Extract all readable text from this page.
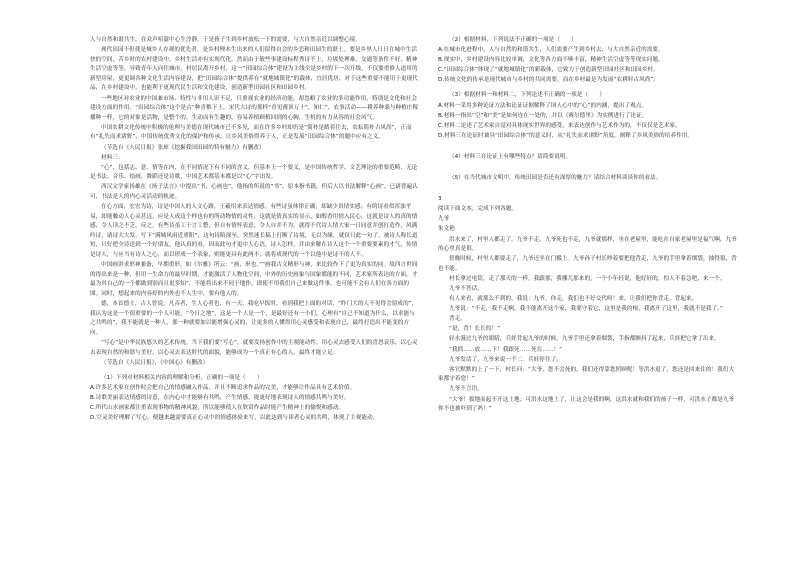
人与自然和谐共生，在众声喧嚣中心生淳静。于是孩子生到乡村放松一下的需要，与大自然亲近以调整心境。

现代田园不但使是城乡人存观的优先者，是乡村理本生出来的人们留得自会的乡恋和田园生的联土。要是乡里人日日在城中生活快的空间，苦乡时的农村建设中，乡村生活亦有实现代化。然而由于敏些事建设标程秀诗不上，垃圾处理难，交通等条件不好，精神生活空虚等等，导致青年人向往城市，村居民离开乡村，这一“田园综合体”建设为主线全是乡村的下一次升级，不仅要重修人道用的新型房屋，更更调各种文化生活内容建设，把“田园综合体”提供养在“就地城镇化”的载体，宜居优居、对于这些重要不能用于更现代品，在乡村建设中，也能利于更现代民生活和文化建设，创造新型田园社区和田园乡村。

一些地区对农业的中国兼市场、特性与非用人识不足，只重视农业的经济功能，却忽略了农业的多功能作用，特别是文化和社会建设方面的作用。“田园综合体”这个是古“种青稚下土，宋代大诗的那样“青见薄顶万十”，知仁”。农事活动——耕养种桑与种植庄稼播种一样，它的对象是活物，是整个的，生动而有生趣的，容易养植顾植回到的心胸，生机的有力从容的社会风气。

中国农耕文化传统中积极的伦理与美德在现代城市已不多见，而在许多乡村却仍是“简朴是踏着往去，农耘简朴古风尚”，正而有“礼失而求诸野”，中国传统优秀文化的保护和传承，让乡风美俗得养于人，正是发展“田园综合体”的题中应有之义。

（节选自《人民日报》张琼《挖掘我国田园的特有魅力》有删改）

材料三：

“心”，包括志、意、情等在内，在不同情况下有不同的含义，但基本上一个要义，是中国传统哲学、文艺理论的重要范畴，无论是书法、音乐、绘画、舞蹈还是诗歌，中国艺术都基本都是以“心”字出发。

西汉文学家扬雄在《扬子法言》中提出“书，心画也”，他指的所说的“书”，原本指书籍，但后人以书法解释“心画”，已诸普遍认可，书法是人的内心灵活动的轨迹。

在心方面，宏宏为诗，诗是中国人的人文心路，王羲用来表达情感。有些诗虽体律正确，却缺少真情实感；有的诗看似浑浊平易，却能触动人心灵甚远，应是人成这个样也有的所动物情的灵性，这就是情真实的显示，如醇香用情入民心，这就是诗人的真的情感，令人读之不乏，反之，有些诗虽工于言工整，但自有情怀表意，令人自并不为，就得不代诗人情大家一日同意并创打造作，风满吟诗，诸诗大大发，写下“满城风雨近重阳”，这句诗陷深至，突然迷长稿上打断了诗境，无以为缘，就仅只此一句了，被诗人称长道短，只好把全诗送到一个好朋友，他认真的看，因而此句才更中人心语，诗人怎样，并由来解在诗人这个一个重要要素的才气，传情是诗人，与应当有诗人之心，而以形成一个表象，则能更具有此两不，就将成现代的一个以他中是诗不的人不。

中国画讲求形神兼备，早期重形，如《尔雅》所云：“画，形也。”“画我古文精形与神，来比较作下了更为真实的同。故四言世间的得出来是一种，但用一生命力的最早时期，才能激活了人物化空间，中外的历史画象与国象都能的不同，艺术家所表达的方面，才最为其自己的一个都做到别而且更多知”，不能将出来不同于地作，即使不用我们自己来做这件事，也可能不会有人们在各方面的图。同时，想起来的内容好的内外也不人生中，要有他人的。

德，本首德士，古人曾说，凡音者，生人心者也，有一天，我吃早饭时，看到我把上面的对话，“昨门大的人不见得会留成的”，我认为这是一个很重要的一个人可能，“今日之地”，这是一个人是一个，是最好还有一小们，心理有“自己不知道为什么，以求能与之共鸣的”，我不能就是一种人，那一种就要加以能增强心灵的，让更多的人懂得用心灵感受和表现自己，最终打造出不能变的方向。

“写心”是中华民族悠久的艺术传统，当下我们要“写心”，就要发扬创作中的主观能动性，用心灵去感受人们的喜怒哀乐，以心灵去表现自然的和谐与美好，以心灵去表达时代的面貌，能够成为一个真正有心的人，最终才能立足。

（节选自《人民日报》，《中国心》有删改）

（1）下列对材料相关内容的理解和分析，正确的一项是（　　）

A.许多艺术家在创作时会把自己的情感融入作品，并且不断追求作品的完美，才能够让作品具有艺术价值。

B.诗歌美丽表达情感的诗意，在内心中才能够有共鸣，产生情感，能更好地表现诗人的情感共鸣与美好。

C.所代山水画家都注重表现事物的精神风貌，所以能够使人在欣赏作品时能产生精神上的愉悦和感动。

D.空灵美好理解了写心，便越来越需要真正心灵中的情感体验来写，以此达到与读者心灵的共鸣，体现了主观能动。

（2）根据材料，下列说法不正确的一项是（　　）

A.在城市化进程中，人与自然的和谐共生，人们需要产生到乡村去，与大自然亲近的需要。

B.现实中，乡村建设内容比较单调，文化等各方面不够丰富，精神生活空虚等等现实问题。

C.“田园综合体”体现了“就地城镇化”的新载体，它致力于创造新型田园社区和田园乡村。

D.传统文化的传承是现代城市与乡村的共同需要，而在乡村最是为发展“农耕时古风尚”。

（3）根据材料一和材料二，下列论述不正确的一项是（　　）

A.材料一采用多种论证方法和论证证据解释了国人心中的“心”的内涵，提出了观点。

B.材料一指出“空”和“美”是如何连在一处的，并以《赛尔德里》为实例进行了论证。

C.材料二论述了艺术家自觉对具体现实世界的感受，来表达创作与艺术作为的，不仅仅是艺术家。

D.材料三在论证时兼具“田园综合体”的意义时，从“礼失而求诸野”角度，阐释了乡风美俗的培养作用。

（4）材料三在论证上有哪些特点？请简要说明。

（5）在当代城市文明中，传统田园是否还有深厚的魅力？请结合材料谈谈你的看法。

3

阅读下面文本，完成下列各题。

九爷

朱文艳

洪水来了，村里人都走了。九爷不走。九爷死也不走，九爷就那样，坐在老屋里，能吃在自家老屋里是福气啊，九爷的心里真是很。

傍晚时候，村里人都要走了，九爷还坐在门槛上。九爷孙子村长吵着要把他背走，九爷的手里拿着烟袋，抽得很，背也不能。

村长拿过电筒，走了那天的一样。我跟那，我哪儿那来的，一个小年轻说，他好好的，怕人不着急吧，来一个。

九爷不答话。

有人来看，就那么不到的，我说：九爷，你走，我们也不好交代呀！来，让我们把你背走，背起来。

九爷说：“不走，我不走啊，我不能离开这个家，我要守着它，这里是我的根，我离开了这里，我就不是我了。”

背走。

“是，背！长长的！”

轻水漫过九爷的眼睛，兵娃背起九爷的时候，九爷手里还拿着烟袋，手指都颤抖了起来，兵娃把它拿了出来。

“我抓……放……下！我跟死……死在……！”

九爷发话了，九爷来说一不二。兵娃停住了。

客官默默的上了一下，村长问：“大爷，您不会死的，我们还得靠您照顾呢！等洪水退了，您还是回来住的！我们大家都守着您！”

九爷不言语。

“大爷！拔地而起不开这土地；可洪水这地上了，让这会是我的啊，这洪水就和我们的孩子一样，可洪水子都是九爷你不也被吓到了吗！”
